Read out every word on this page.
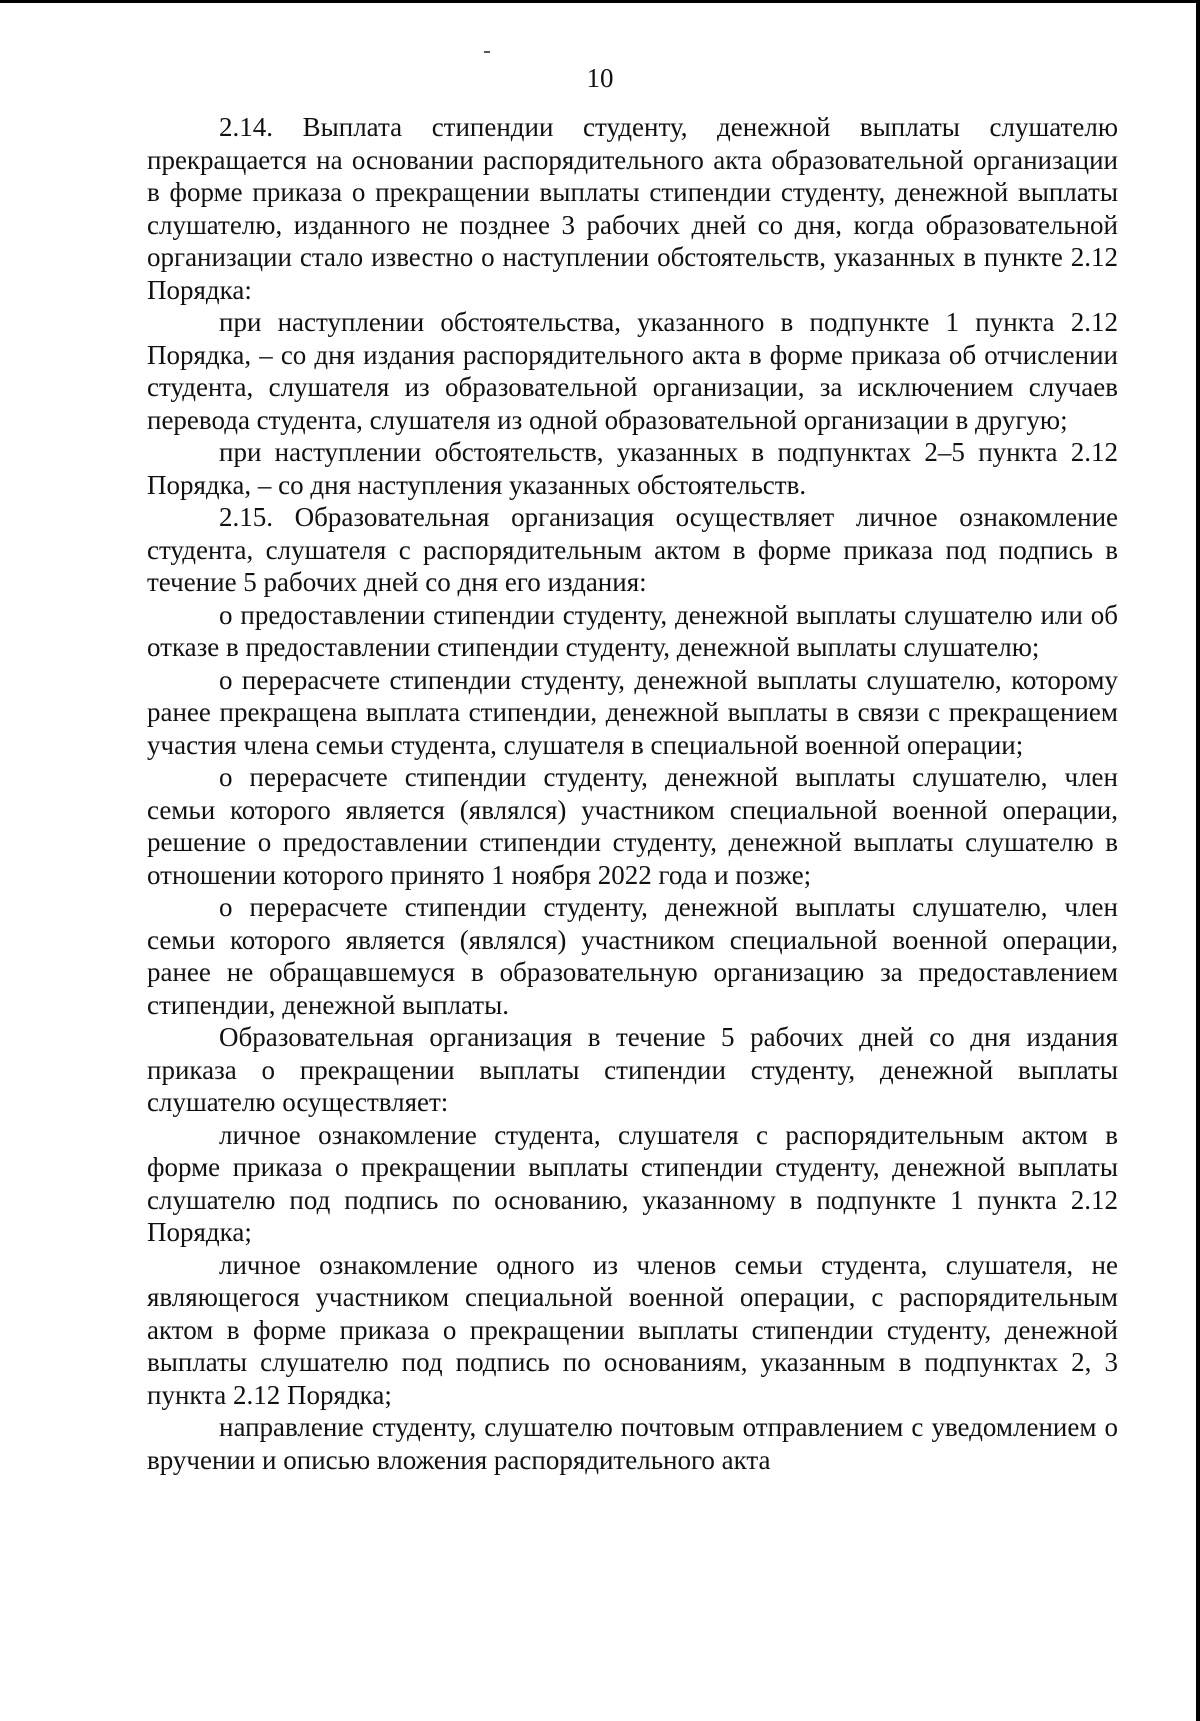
10

2.14. Выплата стипендии студенту, денежной выплаты слушателю прекращается на основании распорядительного акта образовательной организации в форме приказа о прекращении выплаты стипендии студенту, денежной выплаты слушателю, изданного не позднее 3 рабочих дней со дня, когда образовательной организации стало известно о наступлении обстоятельств, указанных в пункте 2.12 Порядка:

при наступлении обстоятельства, указанного в подпункте 1 пункта 2.12 Порядка, – со дня издания распорядительного акта в форме приказа об отчислении студента, слушателя из образовательной организации, за исключением случаев перевода студента, слушателя из одной образовательной организации в другую;

при наступлении обстоятельств, указанных в подпунктах 2–5 пункта 2.12 Порядка, – со дня наступления указанных обстоятельств.

2.15. Образовательная организация осуществляет личное ознакомление студента, слушателя с распорядительным актом в форме приказа под подпись в течение 5 рабочих дней со дня его издания:

о предоставлении стипендии студенту, денежной выплаты слушателю или об отказе в предоставлении стипендии студенту, денежной выплаты слушателю;

о перерасчете стипендии студенту, денежной выплаты слушателю, которому ранее прекращена выплата стипендии, денежной выплаты в связи с прекращением участия члена семьи студента, слушателя в специальной военной операции;

о перерасчете стипендии студенту, денежной выплаты слушателю, член семьи которого является (являлся) участником специальной военной операции, решение о предоставлении стипендии студенту, денежной выплаты слушателю в отношении которого принято 1 ноября 2022 года и позже;

о перерасчете стипендии студенту, денежной выплаты слушателю, член семьи которого является (являлся) участником специальной военной операции, ранее не обращавшемуся в образовательную организацию за предоставлением стипендии, денежной выплаты.

Образовательная организация в течение 5 рабочих дней со дня издания приказа о прекращении выплаты стипендии студенту, денежной выплаты слушателю осуществляет:

личное ознакомление студента, слушателя с распорядительным актом в форме приказа о прекращении выплаты стипендии студенту, денежной выплаты слушателю под подпись по основанию, указанному в подпункте 1 пункта 2.12 Порядка;

личное ознакомление одного из членов семьи студента, слушателя, не являющегося участником специальной военной операции, с распорядительным актом в форме приказа о прекращении выплаты стипендии студенту, денежной выплаты слушателю под подпись по основаниям, указанным в подпунктах 2, 3 пункта 2.12 Порядка;

направление студенту, слушателю почтовым отправлением с уведомлением о вручении и описью вложения распорядительного акта
